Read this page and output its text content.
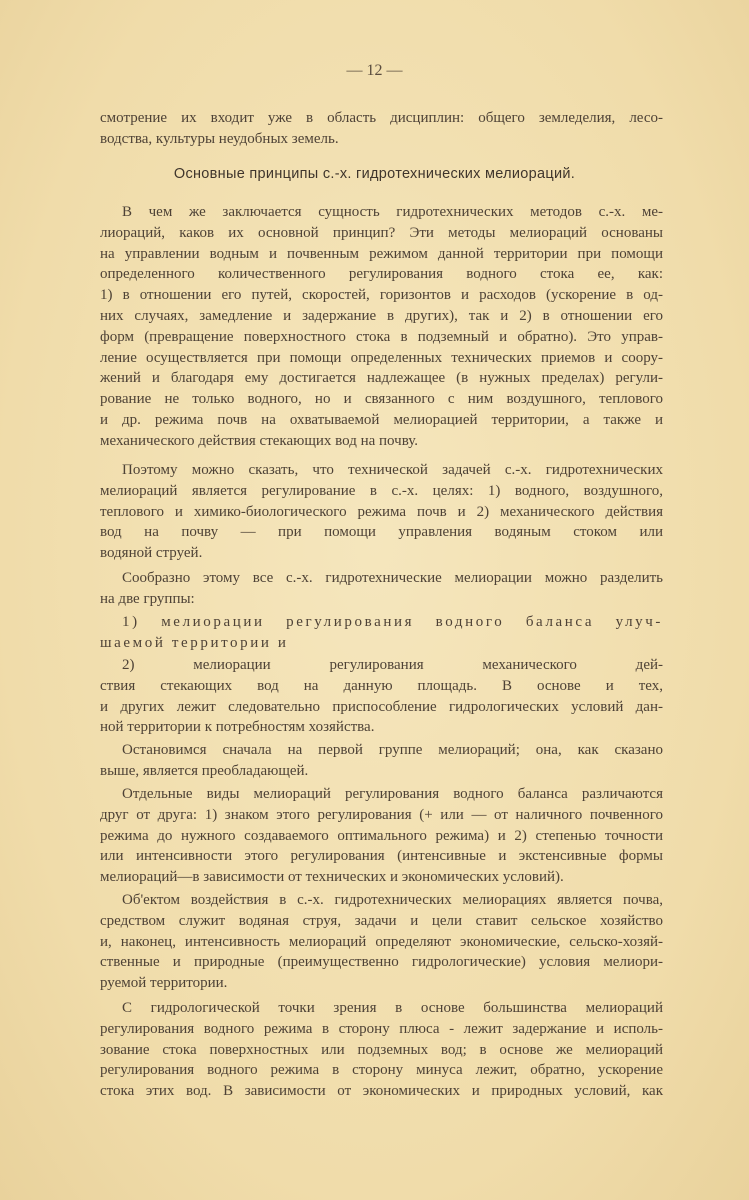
— 12 —
Основные принципы с.-х. гидротехнических мелиораций.
смотрение их входит уже в область дисциплин: общего земледелия, лесо-
водства, культуры неудобных земель.
В чем же заключается сущность гидротехнических методов с.-х. ме-
лиораций, каков их основной принцип? Эти методы мелиораций основаны
на управлении водным и почвенным режимом данной территории при помощи
определенного количественного регулирования водного стока ее, как:
1) в отношении его путей, скоростей, горизонтов и расходов (ускорение в од-
них случаях, замедление и задержание в других), так и 2) в отношении его
форм (превращение поверхностного стока в подземный и обратно). Это управ-
ление осуществляется при помощи определенных технических приемов и соору-
жений и благодаря ему достигается надлежащее (в нужных пределах) регули-
рование не только водного, но и связанного с ним воздушного, теплового
и др. режима почв на охватываемой мелиорацией территории, а также и
механического действия стекающих вод на почву.
Поэтому можно сказать, что технической задачей с.-х. гидротехнических
мелиораций является регулирование в с.-х. целях: 1) водного, воздушного,
теплового и химико-биологического режима почв и 2) механического действия
вод на почву — при помощи управления водяным стоком или
водяной струей.
Сообразно этому все с.-х. гидротехнические мелиорации можно разделить
на две группы:
1) мелиорации регулирования водного баланса улуч-
шаемой территории и
2) мелиорации регулирования механического дей-
ствия стекающих вод на данную площадь. В основе и тех,
и других лежит следовательно приспособление гидрологических условий дан-
ной территории к потребностям хозяйства.
Остановимся сначала на первой группе мелиораций; она, как сказано
выше, является преобладающей.
Отдельные виды мелиораций регулирования водного баланса различаются
друг от друга: 1) знаком этого регулирования (+ или — от наличного почвенного
режима до нужного создаваемого оптимального режима) и 2) степенью точности
или интенсивности этого регулирования (интенсивные и экстенсивные формы
мелиораций—в зависимости от технических и экономических условий).
Об'ектом воздействия в с.-х. гидротехнических мелиорациях является почва,
средством служит водяная струя, задачи и цели ставит сельское хозяйство
и, наконец, интенсивность мелиораций определяют экономические, сельско-хозяй-
ственные и природные (преимущественно гидрологические) условия мелиори-
руемой территории.
С гидрологической точки зрения в основе большинства мелиораций
регулирования водного режима в сторону плюса - лежит задержание и исполь-
зование стока поверхностных или подземных вод; в основе же мелиораций
регулирования водного режима в сторону минуса лежит, обратно, ускорение
стока этих вод. В зависимости от экономических и природных условий, как
